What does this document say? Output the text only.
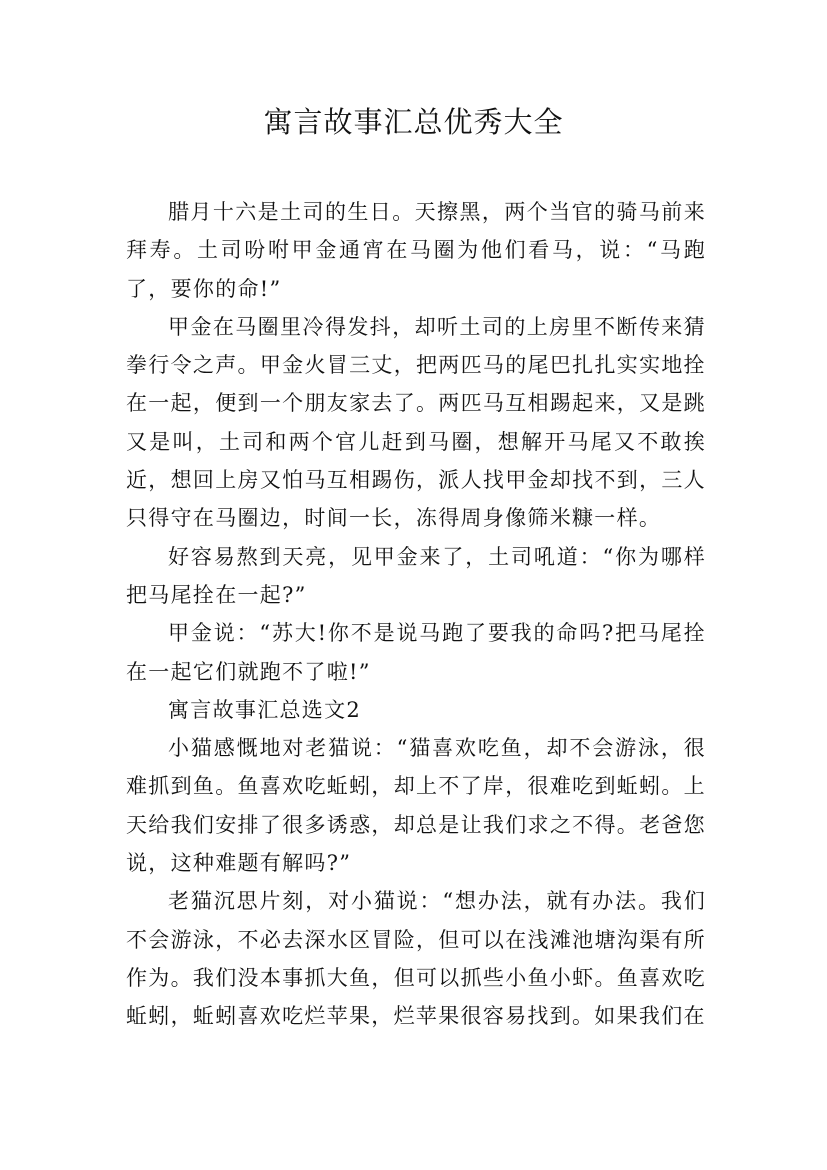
寓言故事汇总优秀大全

腊月十六是土司的生日。天擦黑，两个当官的骑马前来拜寿。土司吩咐甲金通宵在马圈为他们看马，说：“马跑了，要你的命!”

甲金在马圈里冷得发抖，却听土司的上房里不断传来猜拳行令之声。甲金火冒三丈，把两匹马的尾巴扎扎实实地拴在一起，便到一个朋友家去了。两匹马互相踢起来，又是跳又是叫，土司和两个官儿赶到马圈，想解开马尾又不敢挨近，想回上房又怕马互相踢伤，派人找甲金却找不到，三人只得守在马圈边，时间一长，冻得周身像筛米糠一样。

好容易熬到天亮，见甲金来了，土司吼道：“你为哪样把马尾拴在一起?”

甲金说：“苏大!你不是说马跑了要我的命吗?把马尾拴在一起它们就跑不了啦!”

寓言故事汇总选文2

小猫感慨地对老猫说：“猫喜欢吃鱼，却不会游泳，很难抓到鱼。鱼喜欢吃蚯蚓，却上不了岸，很难吃到蚯蚓。上天给我们安排了很多诱惑，却总是让我们求之不得。老爸您说，这种难题有解吗?”

老猫沉思片刻，对小猫说：“想办法，就有办法。我们不会游泳，不必去深水区冒险，但可以在浅滩池塘沟渠有所作为。我们没本事抓大鱼，但可以抓些小鱼小虾。鱼喜欢吃蚯蚓，蚯蚓喜欢吃烂苹果，烂苹果很容易找到。如果我们在
